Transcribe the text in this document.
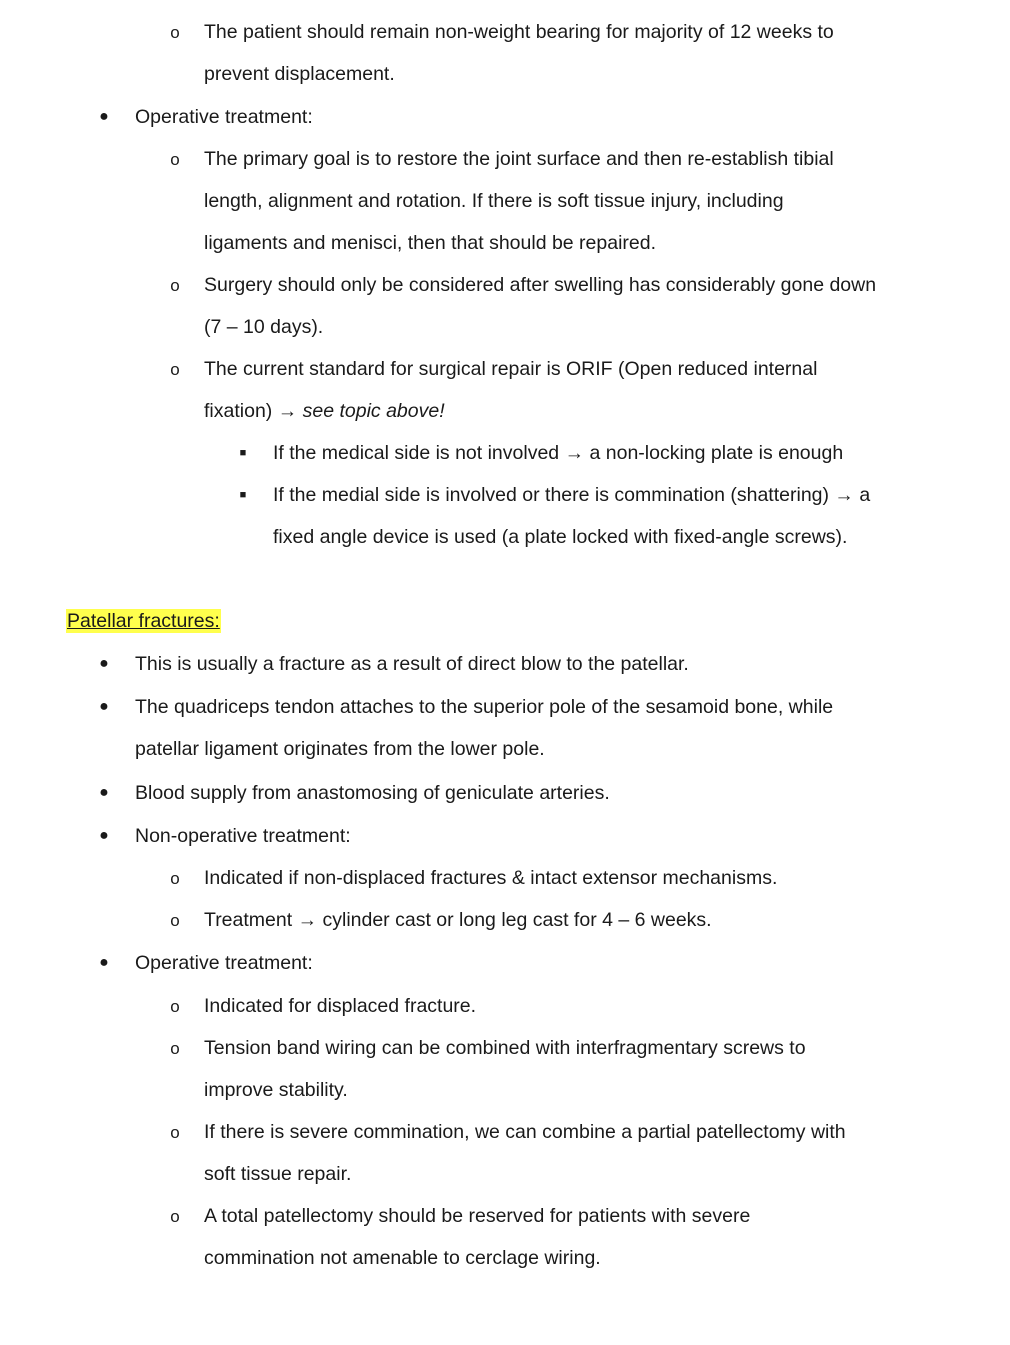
o The patient should remain non-weight bearing for majority of 12 weeks to
prevent displacement.
● Operative treatment:
o The primary goal is to restore the joint surface and then re-establish tibial
length, alignment and rotation. If there is soft tissue injury, including
ligaments and menisci, then that should be repaired.
o Surgery should only be considered after swelling has considerably gone down
(7 – 10 days).
o The current standard for surgical repair is ORIF (Open reduced internal
fixation) → see topic above!
■ If the medical side is not involved → a non-locking plate is enough
■ If the medial side is involved or there is commination (shattering) → a
fixed angle device is used (a plate locked with fixed-angle screws).
Patellar fractures:
● This is usually a fracture as a result of direct blow to the patellar.
● The quadriceps tendon attaches to the superior pole of the sesamoid bone, while
patellar ligament originates from the lower pole.
● Blood supply from anastomosing of geniculate arteries.
● Non-operative treatment:
o Indicated if non-displaced fractures & intact extensor mechanisms.
o Treatment → cylinder cast or long leg cast for 4 – 6 weeks.
● Operative treatment:
o Indicated for displaced fracture.
o Tension band wiring can be combined with interfragmentary screws to
improve stability.
o If there is severe commination, we can combine a partial patellectomy with
soft tissue repair.
o A total patellectomy should be reserved for patients with severe
commination not amenable to cerclage wiring.
